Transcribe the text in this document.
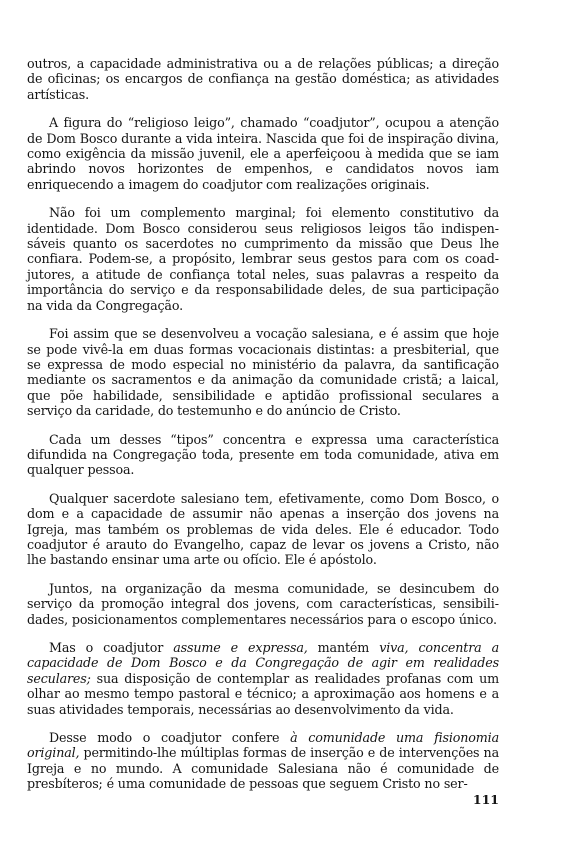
outros, a capacidade administrativa ou a de relações públicas; a direção de oficinas; os encargos de confiança na gestão doméstica; as atividades artísticas.

A figura do “religioso leigo”, chamado “coadjutor”, ocupou a atenção de Dom Bosco durante a vida inteira. Nascida que foi de inspiração divina, como exigência da missão juvenil, ele a aperfeiçoou à medida que se iam abrindo novos horizontes de empenhos, e candidatos novos iam enriquecendo a imagem do coadjutor com realizações originais.

Não foi um complemento marginal; foi elemento constitutivo da identidade. Dom Bosco considerou seus religiosos leigos tão indispensáveis quanto os sacerdotes no cumprimento da missão que Deus lhe confiara. Podem-se, a propósito, lembrar seus gestos para com os coadjutores, a atitude de confiança total neles, suas palavras a respeito da importância do serviço e da responsabilidade deles, de sua participação na vida da Congregação.

Foi assim que se desenvolveu a vocação salesiana, e é assim que hoje se pode vivê-la em duas formas vocacionais distintas: a presbiterial, que se expressa de modo especial no ministério da palavra, da santificação mediante os sacramentos e da animação da comunidade cristã; a laical, que põe habilidade, sensibilidade e aptidão profissional seculares a serviço da caridade, do testemunho e do anúncio de Cristo.

Cada um desses “tipos” concentra e expressa uma característica difundida na Congregação toda, presente em toda comunidade, ativa em qualquer pessoa.

Qualquer sacerdote salesiano tem, efetivamente, como Dom Bosco, o dom e a capacidade de assumir não apenas a inserção dos jovens na Igreja, mas também os problemas de vida deles. Ele é educador. Todo coadjutor é arauto do Evangelho, capaz de levar os jovens a Cristo, não lhe bastando ensinar uma arte ou ofício. Ele é apóstolo.

Juntos, na organização da mesma comunidade, se desincubem do serviço da promoção integral dos jovens, com características, sensibilidades, posicionamentos complementares necessários para o escopo único.

Mas o coadjutor assume e expressa, mantém viva, concentra a capacidade de Dom Bosco e da Congregação de agir em realidades seculares; sua disposição de contemplar as realidades profanas com um olhar ao mesmo tempo pastoral e técnico; a aproximação aos homens e a suas atividades temporais, necessárias ao desenvolvimento da vida.

Desse modo o coadjutor confere à comunidade uma fisionomia original, permitindo-lhe múltiplas formas de inserção e de intervenções na Igreja e no mundo. A comunidade Salesiana não é comunidade de presbíteros; é uma comunidade de pessoas que seguem Cristo no ser-

111
